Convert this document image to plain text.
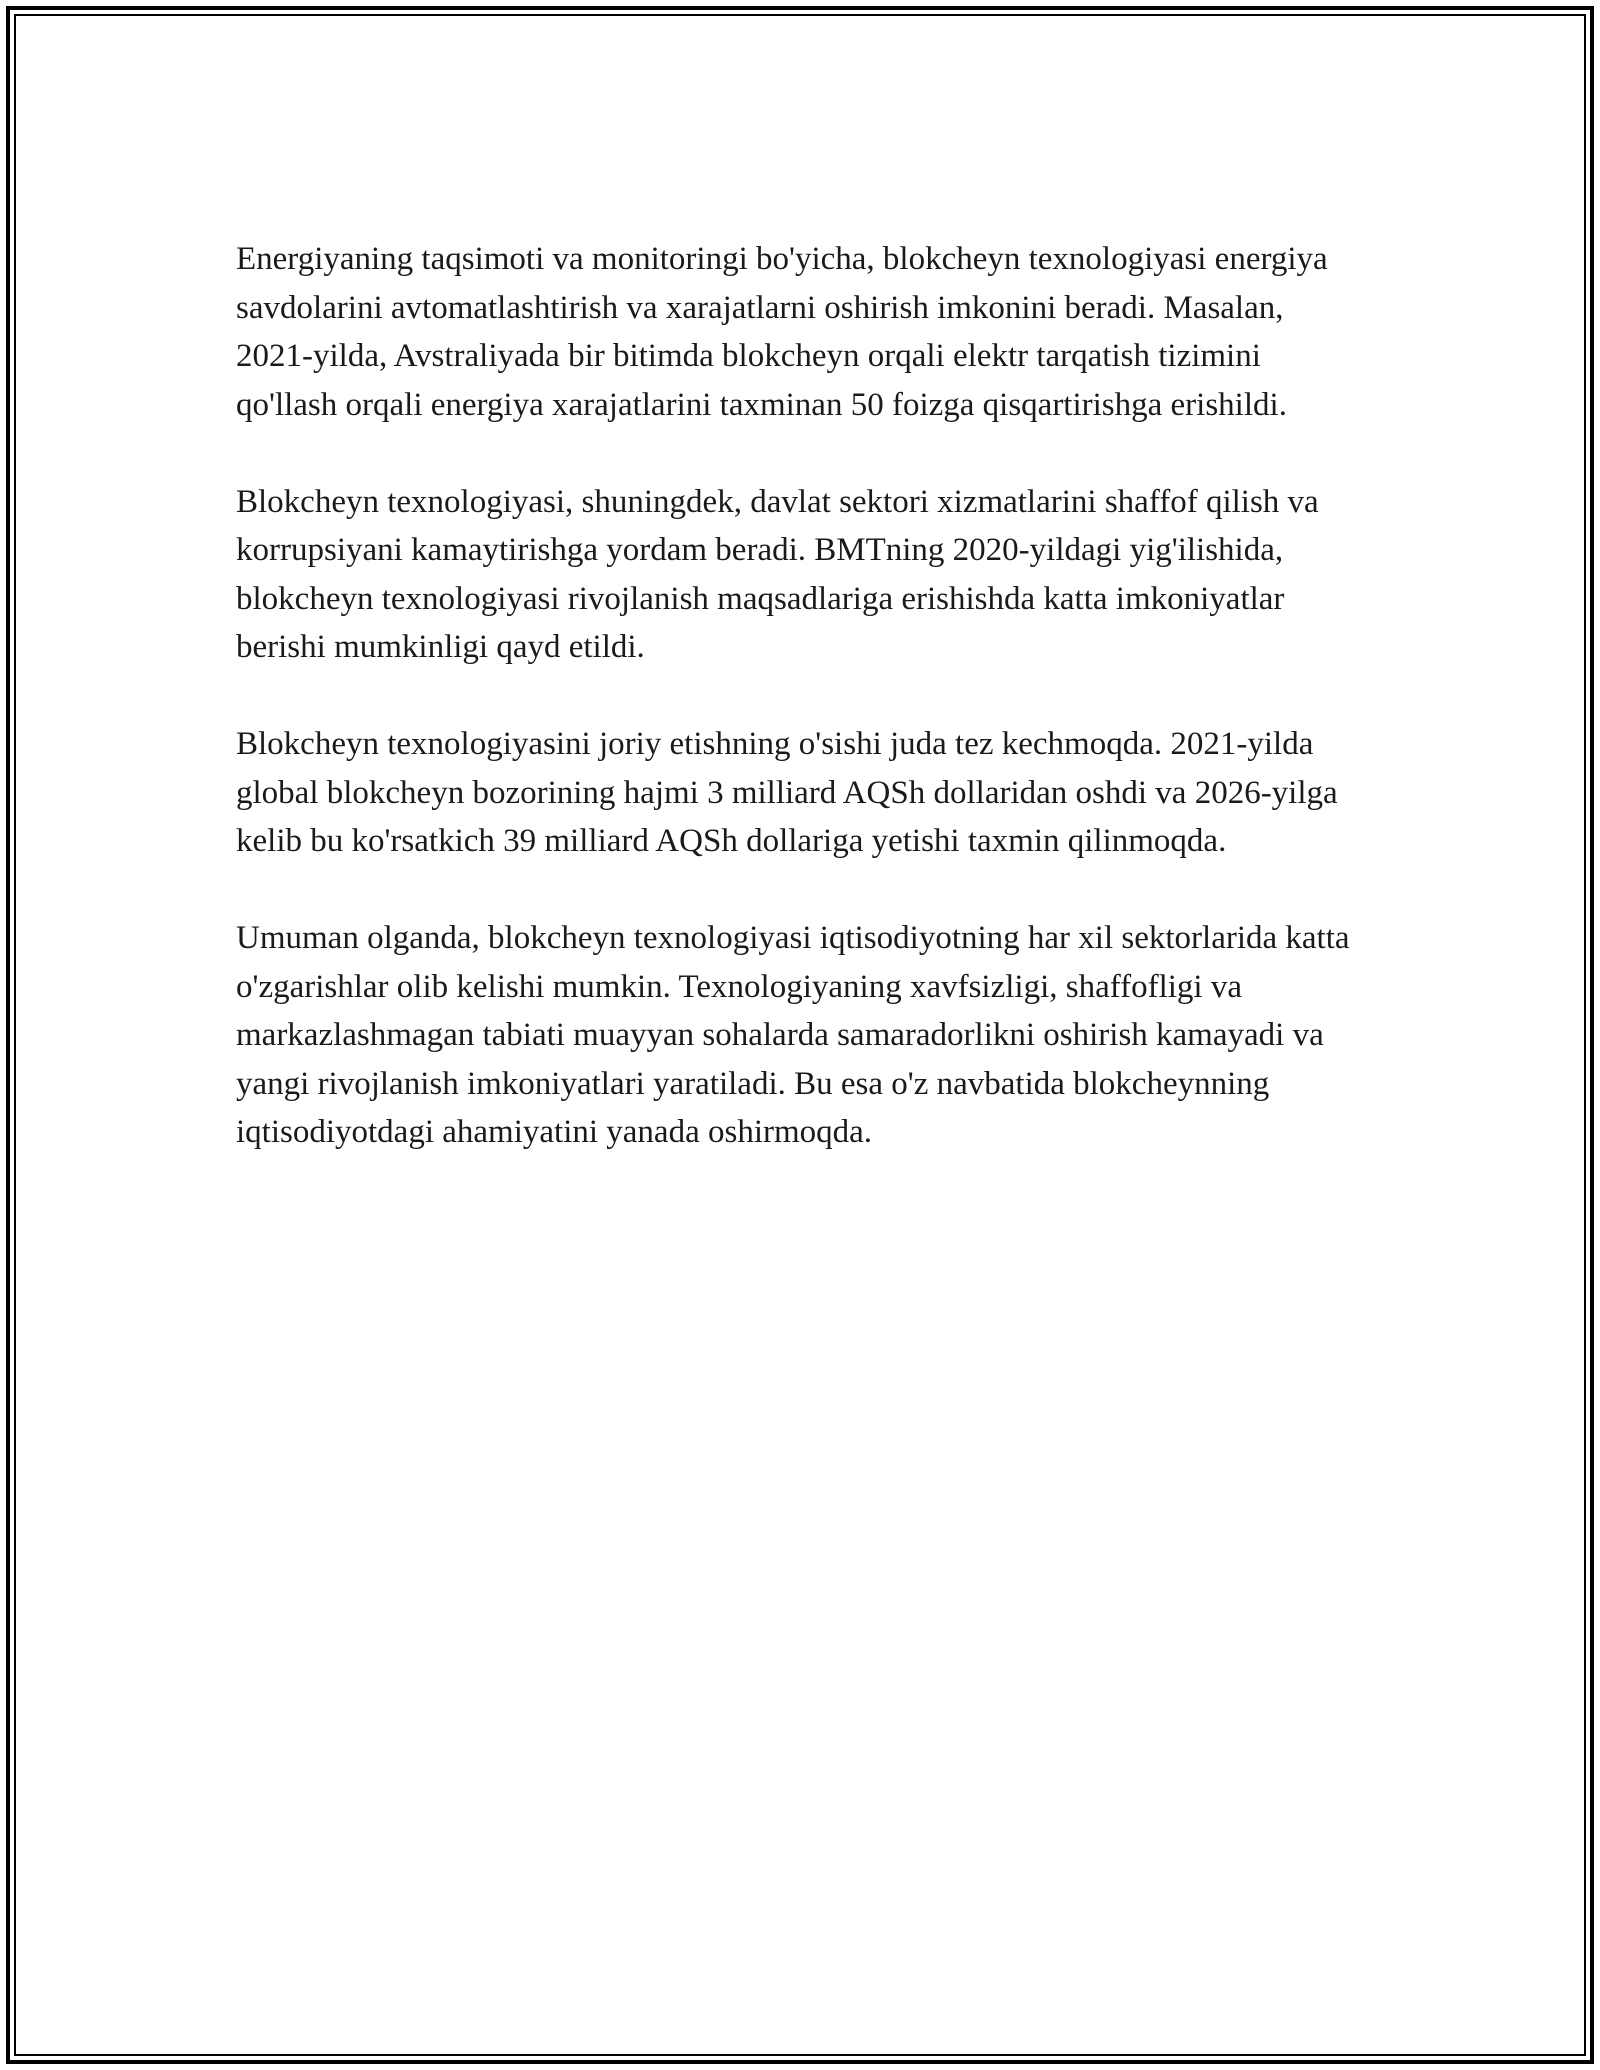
Energiyaning taqsimoti va monitoringi bo'yicha, blokcheyn texnologiyasi energiya savdolarini avtomatlashtirish va xarajatlarni oshirish imkonini beradi. Masalan, 2021-yilda, Avstraliyada bir bitimda blokcheyn orqali elektr tarqatish tizimini qo'llash orqali energiya xarajatlarini taxminan 50 foizga qisqartirishga erishildi.

Blokcheyn texnologiyasi, shuningdek, davlat sektori xizmatlarini shaffof qilish va korrupsiyani kamaytirishga yordam beradi. BMTning 2020-yildagi yig'ilishida, blokcheyn texnologiyasi rivojlanish maqsadlariga erishishda katta imkoniyatlar berishi mumkinligi qayd etildi.

Blokcheyn texnologiyasini joriy etishning o'sishi juda tez kechmoqda. 2021-yilda global blokcheyn bozorining hajmi 3 milliard AQSh dollaridan oshdi va 2026-yilga kelib bu ko'rsatkich 39 milliard AQSh dollariga yetishi taxmin qilinmoqda.

Umuman olganda, blokcheyn texnologiyasi iqtisodiyotning har xil sektorlarida katta o'zgarishlar olib kelishi mumkin. Texnologiyaning xavfsizligi, shaffofligi va markazlashmagan tabiati muayyan sohalarda samaradorlikni oshirish kamayadi va yangi rivojlanish imkoniyatlari yaratiladi. Bu esa o'z navbatida blokcheynning iqtisodiyotdagi ahamiyatini yanada oshirmoqda.
